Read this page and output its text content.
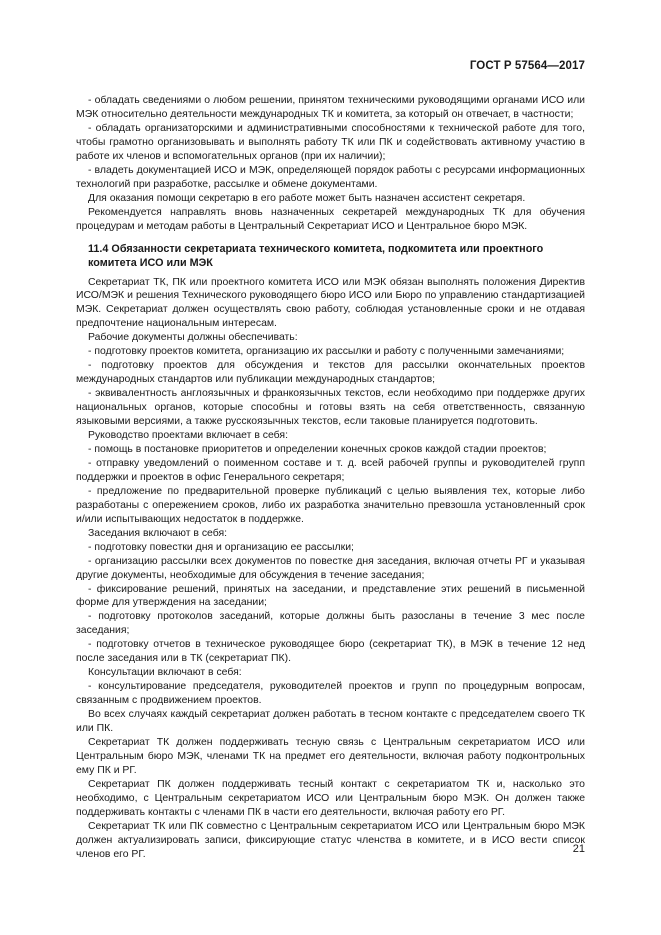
ГОСТ Р 57564—2017

- обладать сведениями о любом решении, принятом техническими руководящими органами ИСО или МЭК относительно деятельности международных ТК и комитета, за который он отвечает, в частности;

- обладать организаторскими и административными способностями к технической работе для того, чтобы грамотно организовывать и выполнять работу ТК или ПК и содействовать активному участию в работе их членов и вспомогательных органов (при их наличии);

- владеть документацией ИСО и МЭК, определяющей порядок работы с ресурсами информационных технологий при разработке, рассылке и обмене документами.

Для оказания помощи секретарю в его работе может быть назначен ассистент секретаря.

Рекомендуется направлять вновь назначенных секретарей международных ТК для обучения процедурам и методам работы в Центральный Секретариат ИСО и Центральное бюро МЭК.

11.4 Обязанности секретариата технического комитета, подкомитета или проектного комитета ИСО или МЭК

Секретариат ТК, ПК или проектного комитета ИСО или МЭК обязан выполнять положения Директив ИСО/МЭК и решения Технического руководящего бюро ИСО или Бюро по управлению стандартизацией МЭК. Секретариат должен осуществлять свою работу, соблюдая установленные сроки и не отдавая предпочтение национальным интересам.

Рабочие документы должны обеспечивать:

- подготовку проектов комитета, организацию их рассылки и работу с полученными замечаниями;

- подготовку проектов для обсуждения и текстов для рассылки окончательных проектов международных стандартов или публикации международных стандартов;

- эквивалентность англоязычных и франкоязычных текстов, если необходимо при поддержке других национальных органов, которые способны и готовы взять на себя ответственность, связанную языковыми версиями, а также русскоязычных текстов, если таковые планируется подготовить.

Руководство проектами включает в себя:

- помощь в постановке приоритетов и определении конечных сроков каждой стадии проектов;

- отправку уведомлений о поименном составе и т. д. всей рабочей группы и руководителей групп поддержки и проектов в офис Генерального секретаря;

- предложение по предварительной проверке публикаций с целью выявления тех, которые либо разработаны с опережением сроков, либо их разработка значительно превзошла установленный срок и/или испытывающих недостаток в поддержке.

Заседания включают в себя:

- подготовку повестки дня и организацию ее рассылки;

- организацию рассылки всех документов по повестке дня заседания, включая отчеты РГ и указывая другие документы, необходимые для обсуждения в течение заседания;

- фиксирование решений, принятых на заседании, и представление этих решений в письменной форме для утверждения на заседании;

- подготовку протоколов заседаний, которые должны быть разосланы в течение 3 мес после заседания;

- подготовку отчетов в техническое руководящее бюро (секретариат ТК), в МЭК в течение 12 нед после заседания или в ТК (секретариат ПК).

Консультации включают в себя:

- консультирование председателя, руководителей проектов и групп по процедурным вопросам, связанным с продвижением проектов.

Во всех случаях каждый секретариат должен работать в тесном контакте с председателем своего ТК или ПК.

Секретариат ТК должен поддерживать тесную связь с Центральным секретариатом ИСО или Центральным бюро МЭК, членами ТК на предмет его деятельности, включая работу подконтрольных ему ПК и РГ.

Секретариат ПК должен поддерживать тесный контакт с секретариатом ТК и, насколько это необходимо, с Центральным секретариатом ИСО или Центральным бюро МЭК. Он должен также поддерживать контакты с членами ПК в части его деятельности, включая работу его РГ.

Секретариат ТК или ПК совместно с Центральным секретариатом ИСО или Центральным бюро МЭК должен актуализировать записи, фиксирующие статус членства в комитете, и в ИСО вести список членов его РГ.	21
